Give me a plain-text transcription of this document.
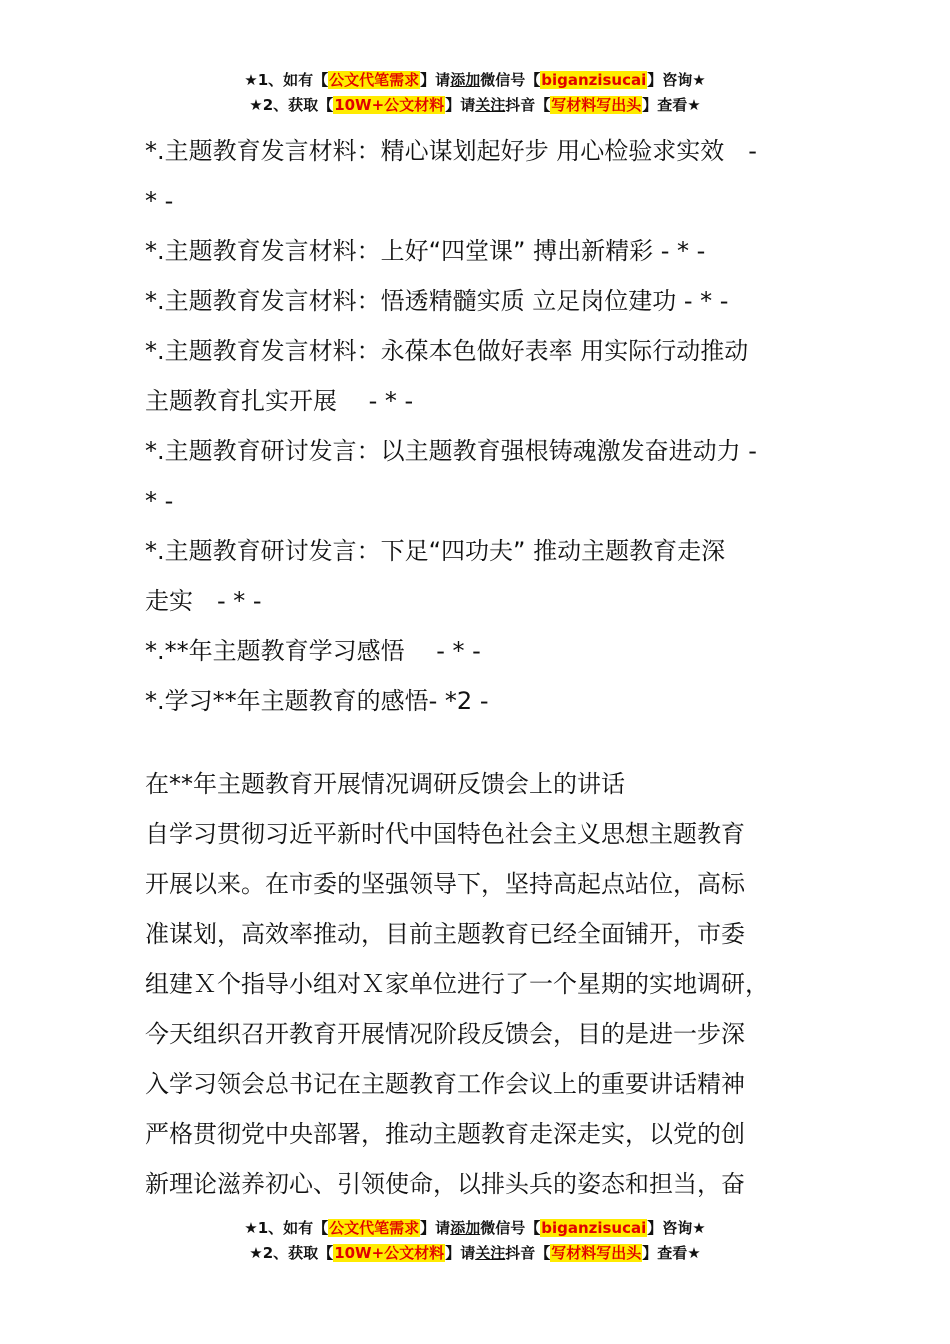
★1、如有【公文代笔需求】请添加微信号【biganzisucai】咨询★
★2、获取【10W+公文材料】请关注抖音【写材料写出头】查看★
*.主题教育发言材料：精心谋划起好步 用心检验求实效　-
* -
*.主题教育发言材料：上好“四堂课” 搏出新精彩 - * -
*.主题教育发言材料：悟透精髓实质 立足岗位建功 - * -
*.主题教育发言材料：永葆本色做好表率 用实际行动推动
主题教育扎实开展　 - * -
*.主题教育研讨发言：以主题教育强根铸魂激发奋进动力 -
* -
*.主题教育研讨发言：下足“四功夫” 推动主题教育走深
走实　- * -
*.**年主题教育学习感悟　 - * -
*.学习**年主题教育的感悟- *2 -
在**年主题教育开展情况调研反馈会上的讲话
自学习贯彻习近平新时代中国特色社会主义思想主题教育
开展以来。在市委的坚强领导下，坚持高起点站位，高标
准谋划，高效率推动，目前主题教育已经全面铺开，市委
组建Ｘ个指导小组对Ｘ家单位进行了一个星期的实地调研，
今天组织召开教育开展情况阶段反馈会，目的是进一步深
入学习领会总书记在主题教育工作会议上的重要讲话精神
严格贯彻党中央部署，推动主题教育走深走实，以党的创
新理论滋养初心、引领使命，以排头兵的姿态和担当，奋
★1、如有【公文代笔需求】请添加微信号【biganzisucai】咨询★
★2、获取【10W+公文材料】请关注抖音【写材料写出头】查看★
